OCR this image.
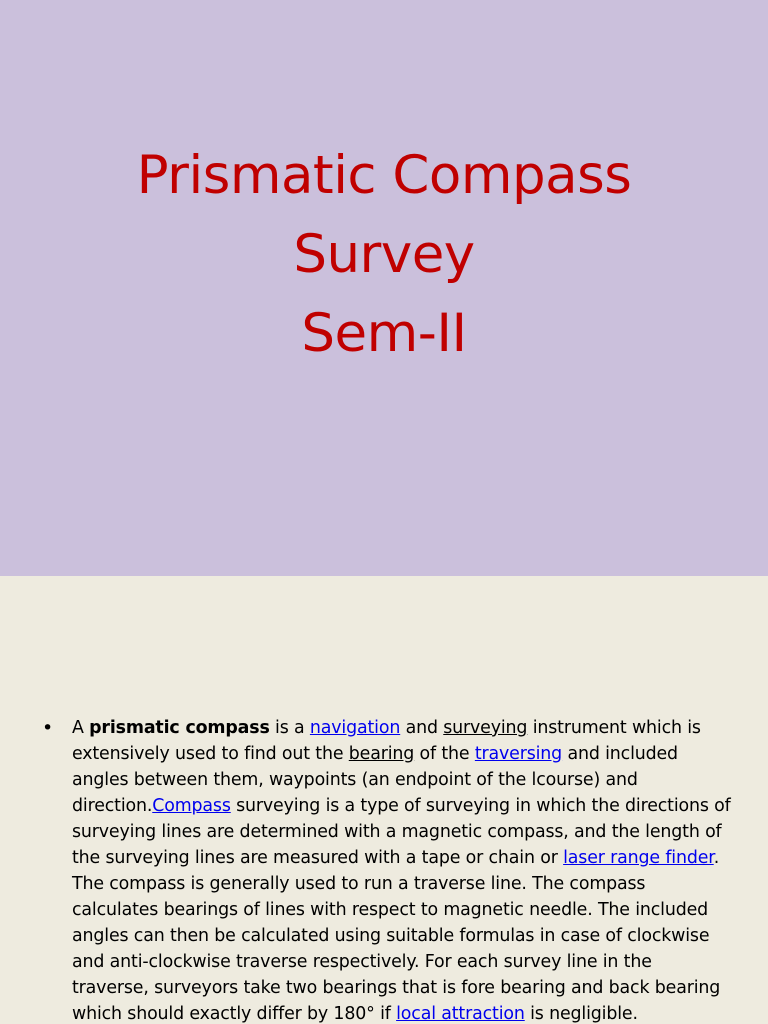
Prismatic Compass
Survey
Sem-II
• A prismatic compass is a navigation and surveying instrument which is extensively used to find out the bearing of the traversing and included angles between them, waypoints (an endpoint of the lcourse) and direction.Compass surveying is a type of surveying in which the directions of surveying lines are determined with a magnetic compass, and the length of the surveying lines are measured with a tape or chain or laser range finder. The compass is generally used to run a traverse line. The compass calculates bearings of lines with respect to magnetic needle. The included angles can then be calculated using suitable formulas in case of clockwise and anti-clockwise traverse respectively. For each survey line in the traverse, surveyors take two bearings that is fore bearing and back bearing which should exactly differ by 180° if local attraction is negligible.
